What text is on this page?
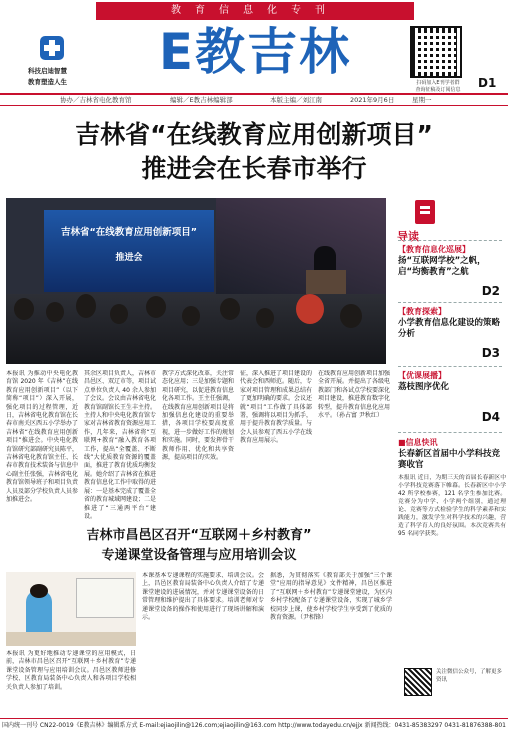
教育信息化专刊
科技启迪智慧
教育塑造人生
E教吉林
扫码加入E刊学者群
查询征稿及订阅信息	D1
协办／吉林省电化教育馆	编辑／E教吉林编辑部	本版主编／刘江南	2021年9月6日	星期一
吉林省“在线教育应用创新项目”
推进会在长春市举行
吉林省“在线教育应用创新项目”
推进会
本报讯 为推动中央电化教育馆 2020 年《吉林”在线教育应用创新项目”（以下简称“项目”）深入开展，强化项目的过程管理，近日，吉林省电化教育馆在长春市南关区西五小学举办了吉林省“在线教育应用创新项目”推进会。中央电化教育馆研究部副研究员陈平，吉林省电化教育馆主任、长春市教育技术装备与信息中心副主任张强，吉林省电化教育馆领导班子和项目负责人员及部分学校负责人员参加推进会。
其余区项目负责人，吉林市昌邑区、双辽市等，项目试点单位负责人 40 余人参加了会议。会议由吉林省电化教育馆副馆长王生丰主持。主持人和中央电化教育馆专家对吉林省教育资源应用工作，几年来，吉林省将“互联网+教育”融入教育各项工作，提出“全覆盖、不断线”大优质教育资源的覆盖面，推进了教育优质均衡发展。她介绍了吉林省在推进教育信息化工作中取得的进展：一是基本完成了覆盖全省的教育城域网建设；二是推进了“三通两平台”建设。
教学方式深化改革，关注常态化应用；三是加强专题和项目研究，以促进教育信息化各项工作。王主任强调，在线教育应用创新项目是将加强信息化建设的重要举措，各项目学校要高度重视，进一步做好工作的规划和实施。同时，要发挥骨干教师作用、优化和共享资源，提高项目的实效。
征，深入推进了项目建设的代表会和西师范。随后，专家对项目管理和成果总结有了更加明确的要求。会议还就“项目”工作做了具体部署，强调将以项目为抓手，用于提升教育教学质量。与会人员参观了西五小学在线教育应用展示。
在线教育应用创新项目加强全省开展。并提出了各级电教部门和各试点学校要深化项目建设，推进教育数字化转型，提升教育信息化应用水平。（孙占富 尹秋红）
导读
【教育信息化巡展】
扬“互联网学校”之帆，启“均衡教育”之航
D2
【教育探索】
小学教育信息化建设的策略分析
D3
【优课展播】
荔枝图序优化
D4
■信息快讯
长春新区首届中小学科技竞赛收官
本报讯 近日，为期三天的首届长春新区中小学科技竞赛落下帷幕。长春新区中小学 42 所学校参赛，121 名学生参加比赛。竞赛分为中学、小学两个组别，通过理论、竞赛等方式检验学生的科学素养和实践能力，激发学生对科学技术的兴趣，营造了科学育人的良好氛围。本次竞赛共有 95 名同学获奖。
关注微信公众号，了解更多资讯
吉林市昌邑区召开“互联网＋乡村教育”
专递课堂设备管理与应用培训会议
本报讯 为更好地推动专递课堂的应用模式，日前，吉林市昌邑区召开“互联网＋乡村教育”专递课堂设备管理与应用培训会议。昌邑区教师进修学校、区教育局装备中心负责人和各项目学校相关负责人参加了培训。
本课基本专递课程的实施要求、培训会议。会上，昌邑区教育局装备中心负责人介绍了专递课堂建设的进展情况，并对专递课堂设备的日常管理和维护提出了具体要求。培训老师对专递课堂设备的操作和使用进行了现场讲解和演示。
据悉，为贯彻落实《教育部关于加强“三个课堂”应用的指导意见》文件精神，昌邑区推进了“互联网＋乡村教育”专递课堂建设，为区内乡村学校配备了专递课堂设备，实现了城乡学校同步上课，使乡村学校学生享受到了优质的教育资源。（尹相锋）
国内统一刊号 CN22-0019《E教吉林》编辑系方式 E-mail:ejiaojilin@126.com;ejiaojilin@163.com http://www.todayedu.cn/ejjx 新闻热线：0431-85383297 0431-81876388-801
